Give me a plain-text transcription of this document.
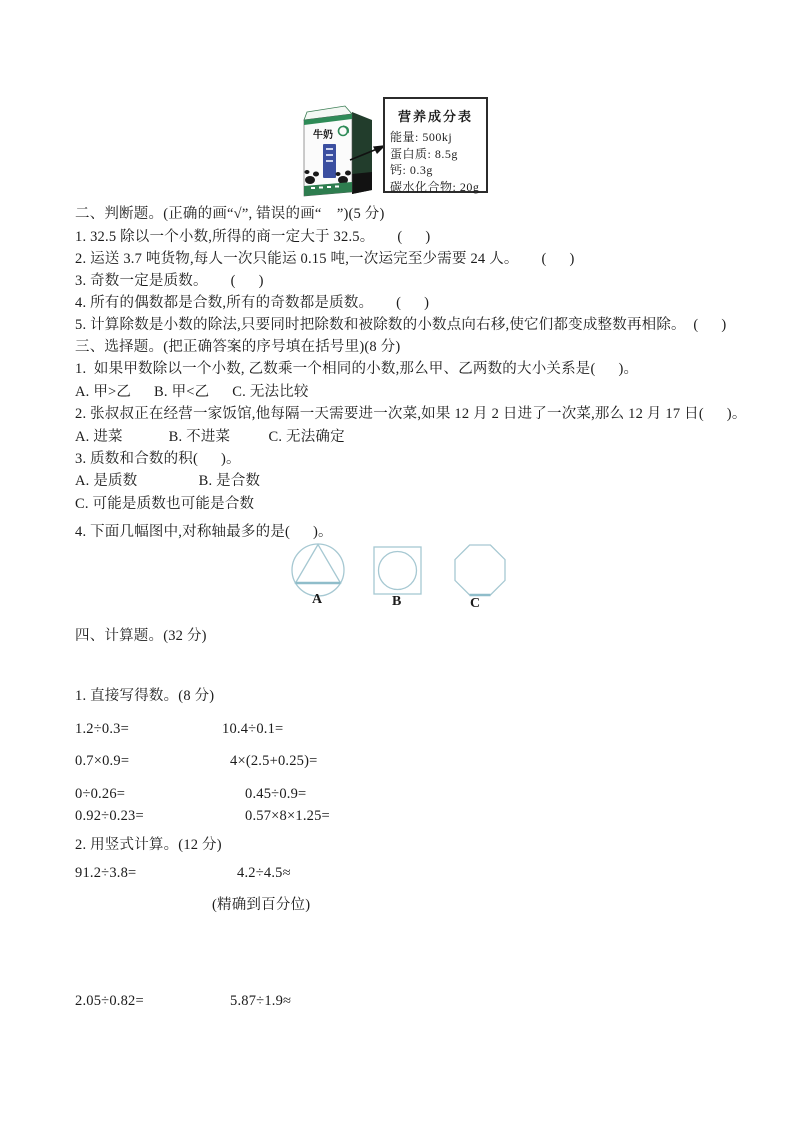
牛奶
营养成分表
能量: 500kj
蛋白质: 8.5g
钙: 0.3g
碳水化合物: 20g
二、判断题。(正确的画“√”, 错误的画“    ”)(5 分)
1. 32.5 除以一个小数,所得的商一定大于 32.5。      (      )
2. 运送 3.7 吨货物,每人一次只能运 0.15 吨,一次运完至少需要 24 人。      (      )
3. 奇数一定是质数。      (      )
4. 所有的偶数都是合数,所有的奇数都是质数。      (      )
5. 计算除数是小数的除法,只要同时把除数和被除数的小数点向右移,使它们都变成整数再相除。  (      )
三、选择题。(把正确答案的序号填在括号里)(8 分)
1.  如果甲数除以一个小数, 乙数乘一个相同的小数,那么甲、乙两数的大小关系是(      )。
A. 甲>乙      B. 甲<乙      C. 无法比较
2. 张叔叔正在经营一家饭馆,他每隔一天需要进一次菜,如果 12 月 2 日进了一次菜,那么 12 月 17 日(      )。
A. 进菜            B. 不进菜          C. 无法确定
3. 质数和合数的积(      )。
A. 是质数                B. 是合数
C. 可能是质数也可能是合数
4. 下面几幅图中,对称轴最多的是(      )。
A	B	C
四、计算题。(32 分)
1. 直接写得数。(8 分)
1.2÷0.3=	10.4÷0.1=
0.7×0.9=	4×(2.5+0.25)=
0÷0.26=	0.45÷0.9=
0.92÷0.23=	0.57×8×1.25=
2. 用竖式计算。(12 分)
91.2÷3.8=	4.2÷4.5≈
(精确到百分位)
2.05÷0.82=	5.87÷1.9≈
